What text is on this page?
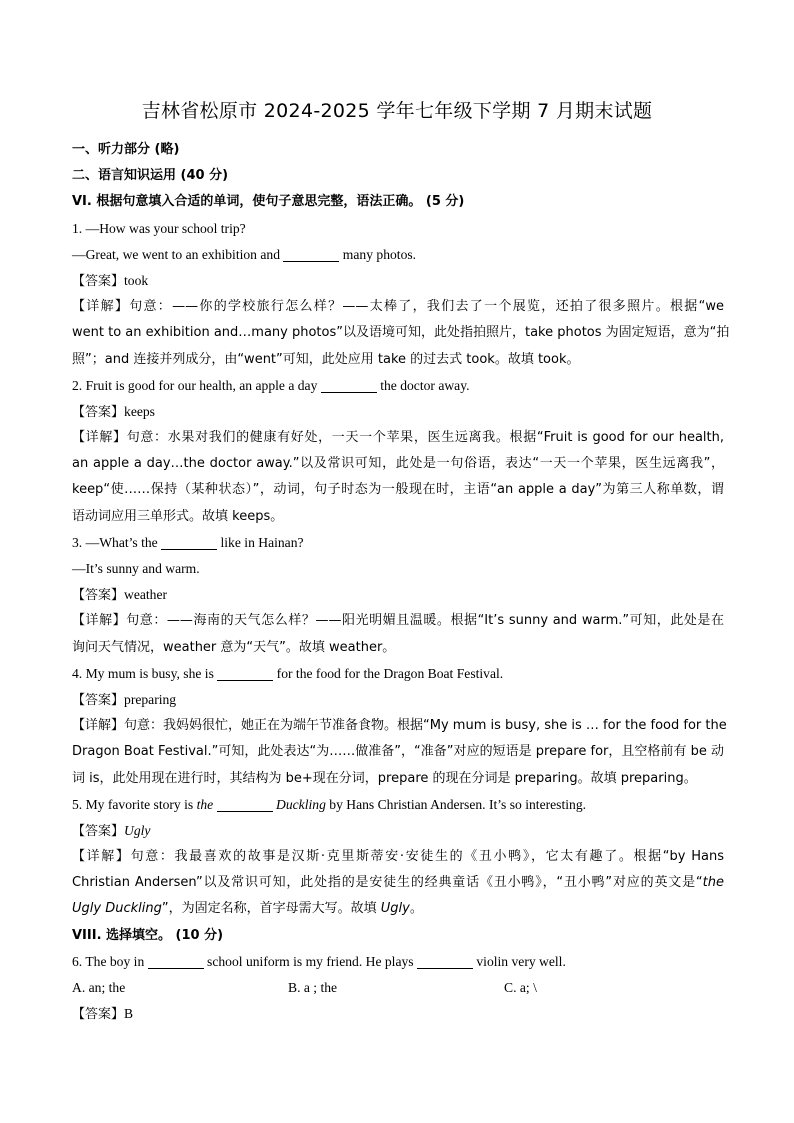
吉林省松原市 2024-2025 学年七年级下学期 7 月期末试题
一、听力部分 (略)
二、语言知识运用 (40 分)
VI. 根据句意填入合适的单词，使句子意思完整，语法正确。 (5 分)
1. —How was your school trip?
—Great, we went to an exhibition and	many photos.
【答案】took
【详解】句意：——你的学校旅行怎么样？——太棒了，我们去了一个展览，还拍了很多照片。根据“we
went to an exhibition and…many photos”以及语境可知，此处指拍照片，take photos 为固定短语，意为“拍
照”；and 连接并列成分，由“went”可知，此处应用 take 的过去式 took。故填 took。
2. Fruit is good for our health, an apple a day	the doctor away.
【答案】keeps
【详解】句意：水果对我们的健康有好处，一天一个苹果，医生远离我。根据“Fruit is good for our health,
an apple a day…the doctor away.”以及常识可知，此处是一句俗语，表达“一天一个苹果，医生远离我”，
keep“使……保持（某种状态）”，动词，句子时态为一般现在时，主语“an apple a day”为第三人称单数，谓
语动词应用三单形式。故填 keeps。
3. —What’s the	like in Hainan?
—It’s sunny and warm.
【答案】weather
【详解】句意：——海南的天气怎么样？——阳光明媚且温暖。根据“It’s sunny and warm.”可知，此处是在
询问天气情况，weather 意为“天气”。故填 weather。
4. My mum is busy, she is	for the food for the Dragon Boat Festival.
【答案】preparing
【详解】句意：我妈妈很忙，她正在为端午节准备食物。根据“My mum is busy, she is … for the food for the
Dragon Boat Festival.”可知，此处表达“为……做准备”，“准备”对应的短语是 prepare for，且空格前有 be 动
词 is，此处用现在进行时，其结构为 be+现在分词，prepare 的现在分词是 preparing。故填 preparing。
5. My favorite story is the	Duckling by Hans Christian Andersen. It’s so interesting.
【答案】Ugly
【详解】句意：我最喜欢的故事是汉斯·克里斯蒂安·安徒生的《丑小鸭》，它太有趣了。根据“by Hans
Christian Andersen”以及常识可知，此处指的是安徒生的经典童话《丑小鸭》，“丑小鸭”对应的英文是“the
Ugly Duckling”，为固定名称，首字母需大写。故填 Ugly。
VIII. 选择填空。 (10 分)
6. The boy in	school uniform is my friend. He plays	violin very well.
A. an; the	B. a ; the	C. a; \
【答案】B
